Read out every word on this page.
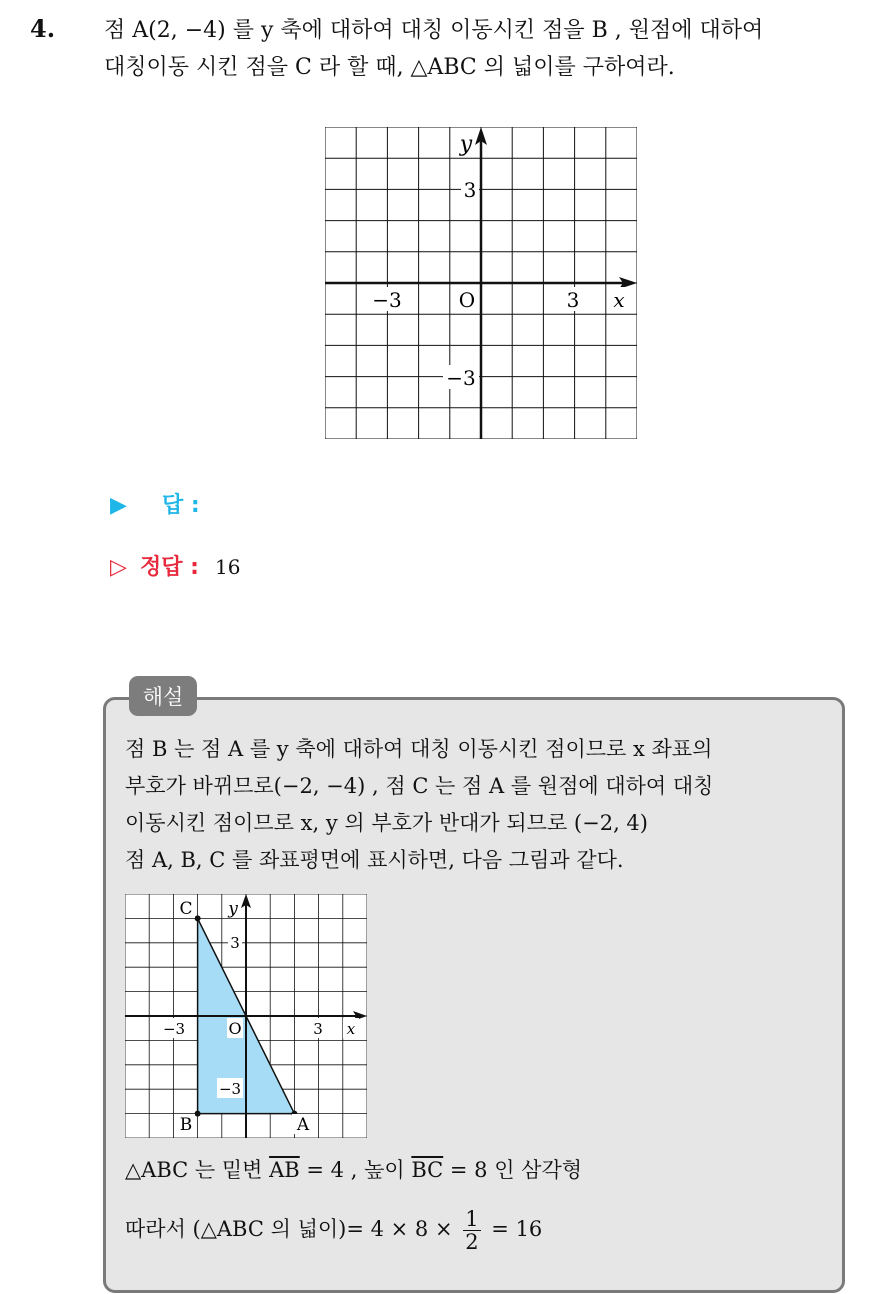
4. 점 A(2, −4) 를 y 축에 대하여 대칭 이동시킨 점을 B , 원점에 대하여
대칭이동 시킨 점을 C 라 할 때, △ABC 의 넓이를 구하여라.
y
3
−3
−3	O	3 x
▶ 답 :
▷ 정답 : 16
해설
점 B 는 점 A 를 y 축에 대하여 대칭 이동시킨 점이므로 x 좌표의
부호가 바뀌므로(−2, −4) , 점 C 는 점 A 를 원점에 대하여 대칭
이동시킨 점이므로 x, y 의 부호가 반대가 되므로 (−2, 4)
점 A, B, C 를 좌표평면에 표시하면, 다음 그림과 같다.
y
3
−3
−3	O	3 x
C
B	A
△ABC 는 밑변 $\overline{AB} = 4$ , 높이 $\overline{BC} = 8$ 인 삼각형
따라서 (△ABC 의 넓이)= $4 \times 8 \times \frac{1}{2} = 16$
